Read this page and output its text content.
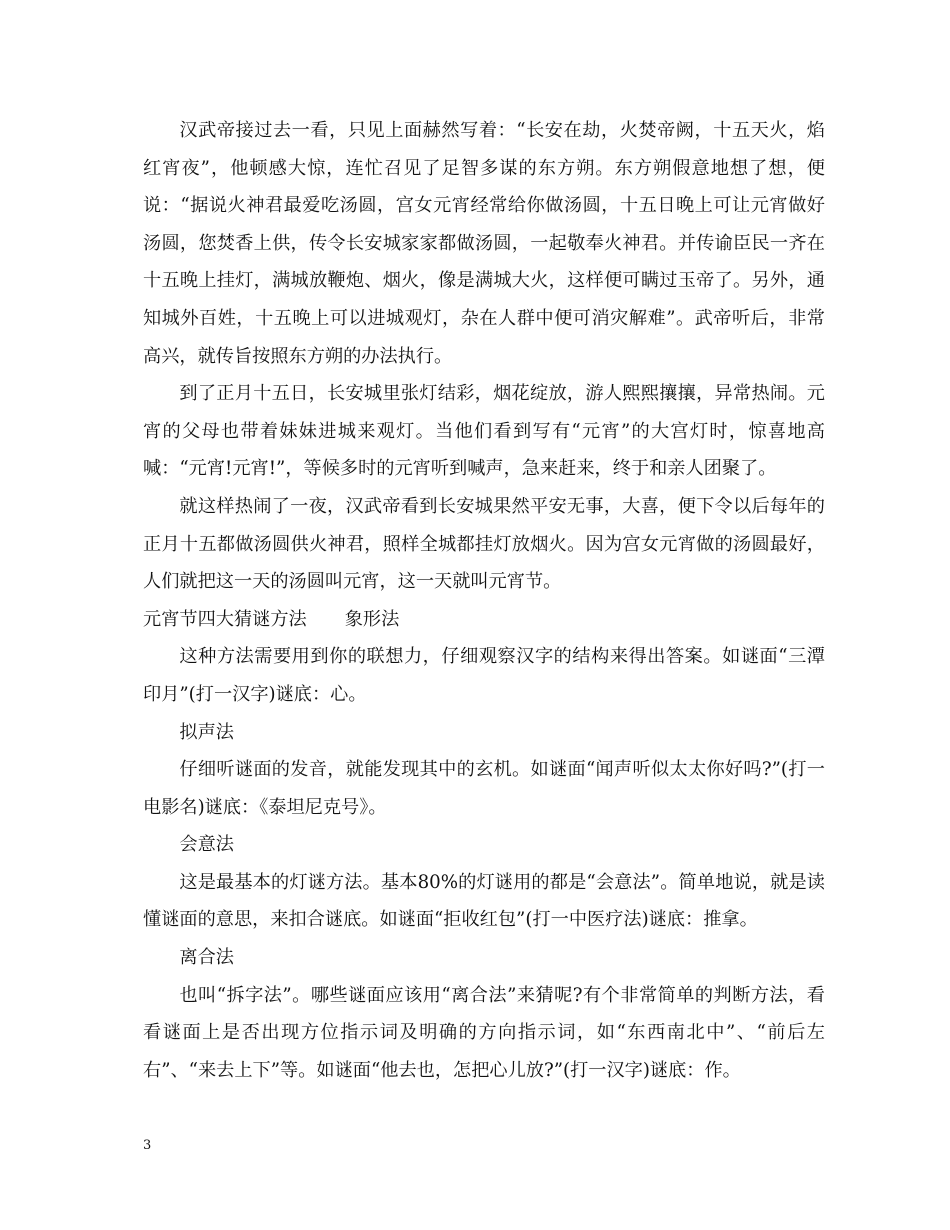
汉武帝接过去一看，只见上面赫然写着：“长安在劫，火焚帝阙，十五天火，焰红宵夜”，他顿感大惊，连忙召见了足智多谋的东方朔。东方朔假意地想了想，便说：“据说火神君最爱吃汤圆，宫女元宵经常给你做汤圆，十五日晚上可让元宵做好汤圆，您焚香上供，传令长安城家家都做汤圆，一起敬奉火神君。并传谕臣民一齐在十五晚上挂灯，满城放鞭炮、烟火，像是满城大火，这样便可瞒过玉帝了。另外，通知城外百姓，十五晚上可以进城观灯，杂在人群中便可消灾解难”。武帝听后，非常高兴，就传旨按照东方朔的办法执行。

到了正月十五日，长安城里张灯结彩，烟花绽放，游人熙熙攘攘，异常热闹。元宵的父母也带着妹妹进城来观灯。当他们看到写有“元宵”的大宫灯时，惊喜地高喊：“元宵!元宵!”，等候多时的元宵听到喊声，急来赶来，终于和亲人团聚了。

就这样热闹了一夜，汉武帝看到长安城果然平安无事，大喜，便下令以后每年的正月十五都做汤圆供火神君，照样全城都挂灯放烟火。因为宫女元宵做的汤圆最好，人们就把这一天的汤圆叫元宵，这一天就叫元宵节。

元宵节四大猜谜方法 象形法

这种方法需要用到你的联想力，仔细观察汉字的结构来得出答案。如谜面“三潭印月”(打一汉字)谜底：心。

拟声法

仔细听谜面的发音，就能发现其中的玄机。如谜面“闻声听似太太你好吗?”(打一电影名)谜底：《泰坦尼克号》。

会意法

这是最基本的灯谜方法。基本80%的灯谜用的都是“会意法”。简单地说，就是读懂谜面的意思，来扣合谜底。如谜面“拒收红包”(打一中医疗法)谜底：推拿。

离合法

也叫“拆字法”。哪些谜面应该用“离合法”来猜呢?有个非常简单的判断方法，看看谜面上是否出现方位指示词及明确的方向指示词，如“东西南北中”、“前后左右”、“来去上下”等。如谜面“他去也，怎把心儿放?”(打一汉字)谜底：作。

3
